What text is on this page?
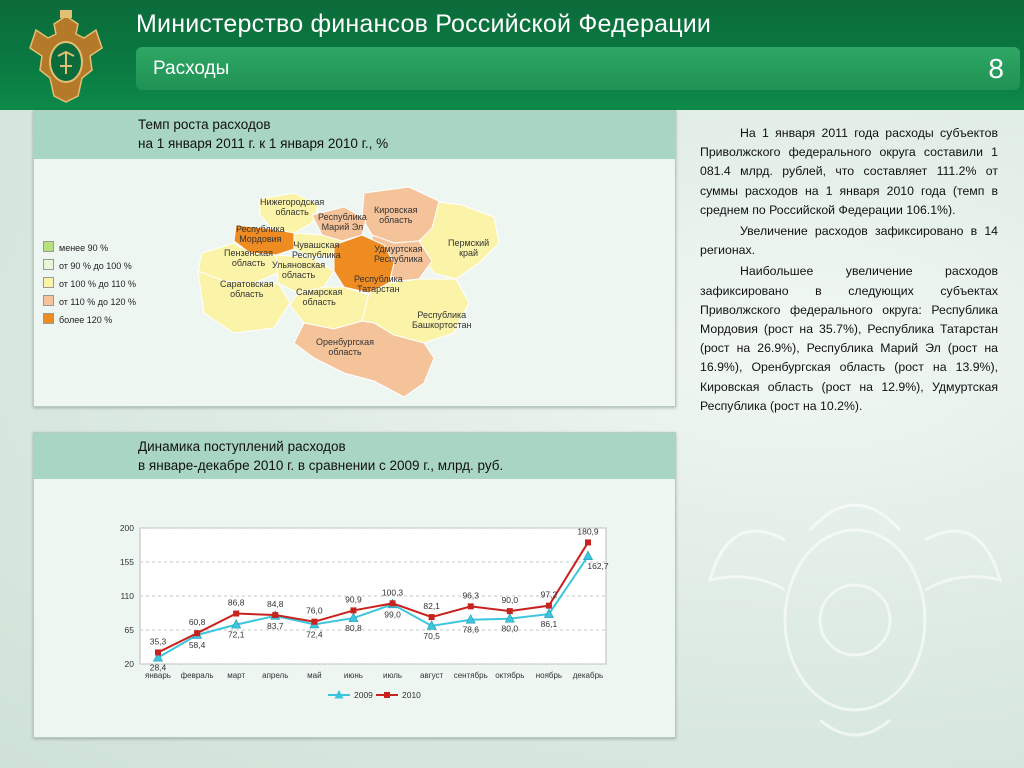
Министерство финансов Российской Федерации
Расходы	8
Темп роста расходов
на 1 января 2011 г. к 1 января 2010 г., %
менее 90 %
от 90 % до 100 %
от 100 % до 110 %
от 110 % до 120 %
более 120 %
Нижегородская
область	Кировская
область
Республика
Марий Эл
Республика
Мордовия
Чувашская
Республика
Удмуртская
Республика
Пермский
край
Пензенская
область Ульяновская
область	Республика
Татарстан
Саратовская
область	Самарская
область
Республика
Башкортостан
Оренбургская
область
Динамика поступлений расходов
в январе-декабре 2010 г. в сравнении с 2009 г., млрд. руб.
20
65
110
155
200
январь февраль март апрель май	июнь июль август сентябрь октябрь ноябрь декабрь
28,4
58,4
72,1
83,7
72,4
80,8
99,0
70,5
78,6	80,0	86,1
162,7
35,3
60,8
86,8	84,8
76,0
90,9
100,3
82,1
96,3	90,0
97,2
180,9
2009	2010

На 1 января 2011 года расходы субъектов Приволжского федерального округа составили 1 081.4 млрд. рублей, что составляет 111.2% от суммы расходов на 1 января 2010 года (темп в среднем по Российской Федерации 106.1%).

Увеличение расходов зафиксировано в 14 регионах.

Наибольшее увеличение расходов зафиксировано в следующих субъектах Приволжского федерального округа: Республика Мордовия (рост на 35.7%), Республика Татарстан (рост на 26.9%), Республика Марий Эл (рост на 16.9%), Оренбургская область (рост на 13.9%), Кировская область (рост на 12.9%), Удмуртская Республика (рост на 10.2%).
